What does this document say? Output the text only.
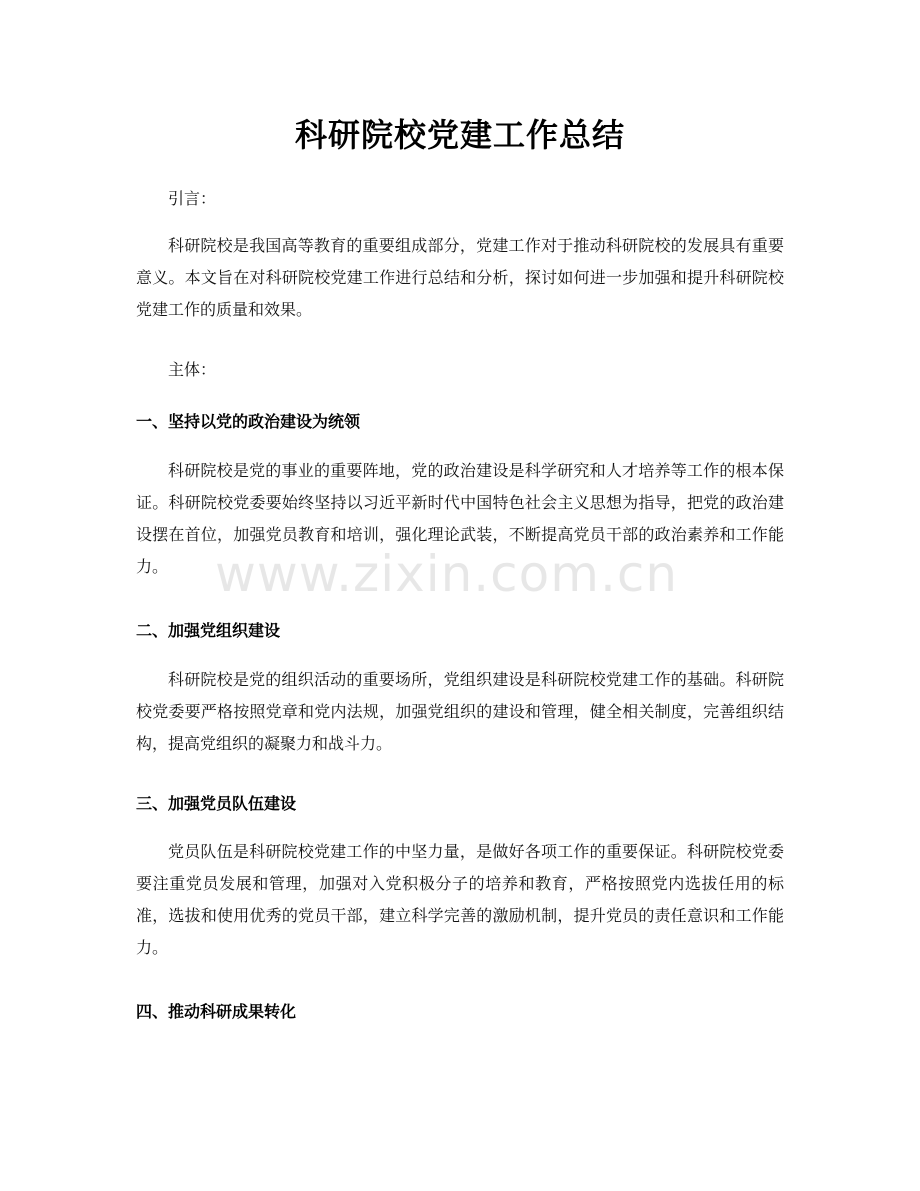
科研院校党建工作总结

引言：

科研院校是我国高等教育的重要组成部分，党建工作对于推动科研院校的发展具有重要意义。本文旨在对科研院校党建工作进行总结和分析，探讨如何进一步加强和提升科研院校党建工作的质量和效果。

主体：

一、坚持以党的政治建设为统领

科研院校是党的事业的重要阵地，党的政治建设是科学研究和人才培养等工作的根本保证。科研院校党委要始终坚持以习近平新时代中国特色社会主义思想为指导，把党的政治建设摆在首位，加强党员教育和培训，强化理论武装，不断提高党员干部的政治素养和工作能力。

二、加强党组织建设

科研院校是党的组织活动的重要场所，党组织建设是科研院校党建工作的基础。科研院校党委要严格按照党章和党内法规，加强党组织的建设和管理，健全相关制度，完善组织结构，提高党组织的凝聚力和战斗力。

三、加强党员队伍建设

党员队伍是科研院校党建工作的中坚力量，是做好各项工作的重要保证。科研院校党委要注重党员发展和管理，加强对入党积极分子的培养和教育，严格按照党内选拔任用的标准，选拔和使用优秀的党员干部，建立科学完善的激励机制，提升党员的责任意识和工作能力。

四、推动科研成果转化
www.zixin.com.cn
